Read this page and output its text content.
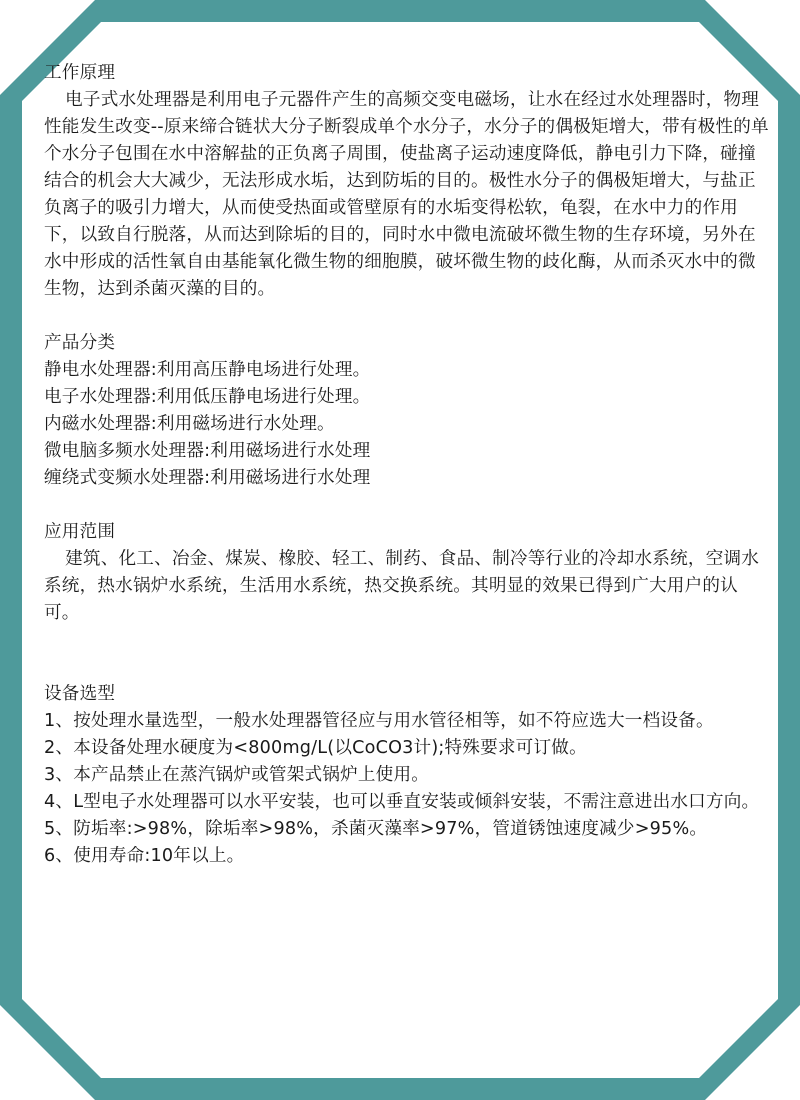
工作原理
电子式水处理器是利用电子元器件产生的高频交变电磁场，让水在经过水处理器时，物理性能发生改变--原来缔合链状大分子断裂成单个水分子，水分子的偶极矩增大，带有极性的单个水分子包围在水中溶解盐的正负离子周围，使盐离子运动速度降低，静电引力下降，碰撞结合的机会大大减少，无法形成水垢，达到防垢的目的。极性水分子的偶极矩增大，与盐正负离子的吸引力增大，从而使受热面或管壁原有的水垢变得松软，龟裂，在水中力的作用下，以致自行脱落，从而达到除垢的目的，同时水中微电流破坏微生物的生存环境，另外在水中形成的活性氧自由基能氧化微生物的细胞膜，破坏微生物的歧化酶，从而杀灭水中的微生物，达到杀菌灭藻的目的。
产品分类
静电水处理器:利用高压静电场进行处理。
电子水处理器:利用低压静电场进行处理。
内磁水处理器:利用磁场进行水处理。
微电脑多频水处理器:利用磁场进行水处理
缠绕式变频水处理器:利用磁场进行水处理
应用范围
建筑、化工、冶金、煤炭、橡胶、轻工、制药、食品、制冷等行业的冷却水系统，空调水系统，热水锅炉水系统，生活用水系统，热交换系统。其明显的效果已得到广大用户的认可。
设备选型
1、按处理水量选型，一般水处理器管径应与用水管径相等，如不符应选大一档设备。
2、本设备处理水硬度为<800mg/L(以CoCO3计);特殊要求可订做。
3、本产品禁止在蒸汽锅炉或管架式锅炉上使用。
4、L型电子水处理器可以水平安装，也可以垂直安装或倾斜安装，不需注意进出水口方向。
5、防垢率:>98%，除垢率>98%，杀菌灭藻率>97%，管道锈蚀速度减少>95%。
6、使用寿命:10年以上。
